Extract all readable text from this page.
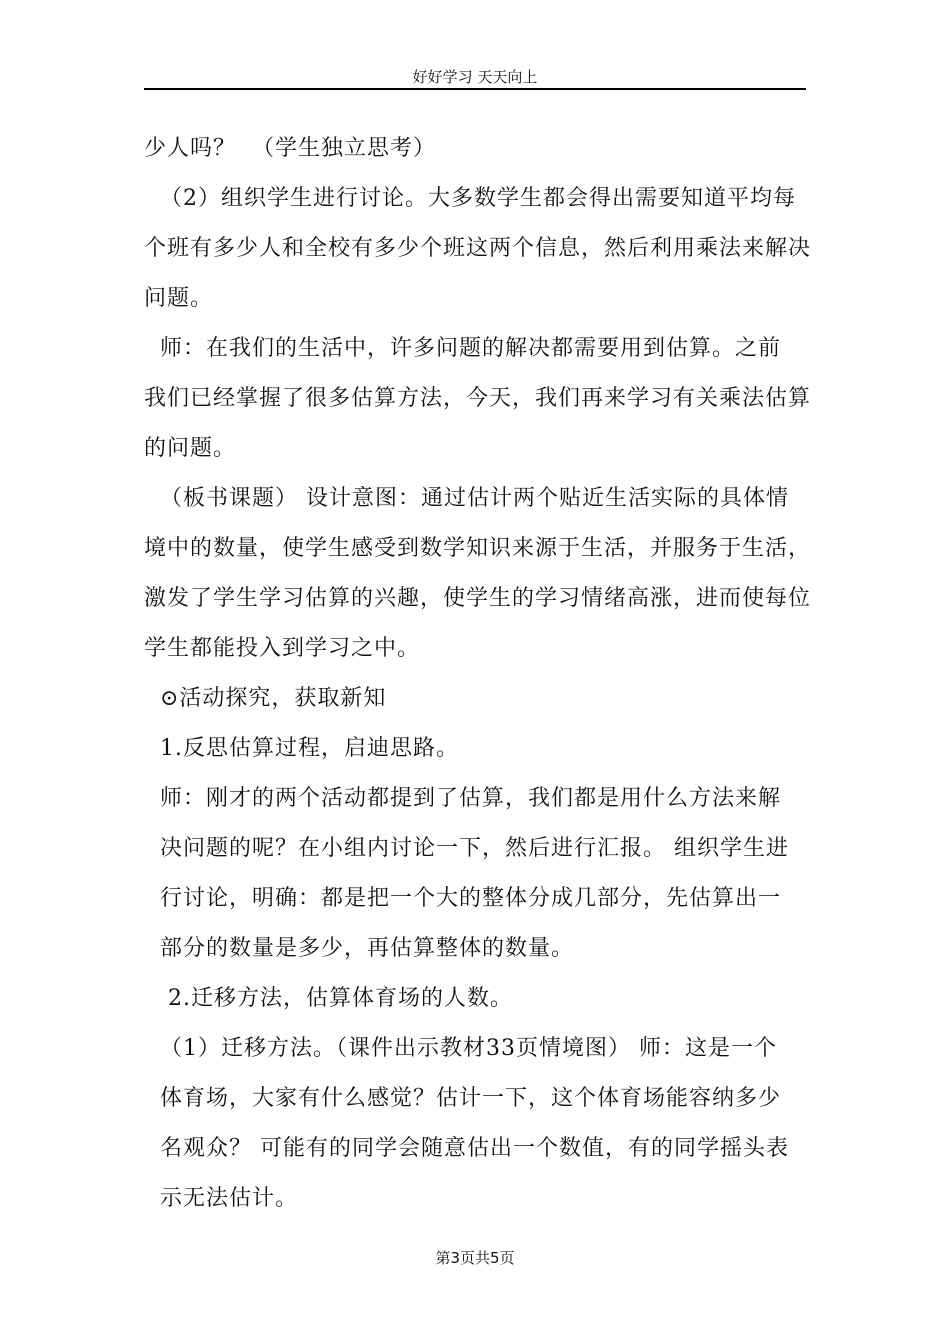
好好学习 天天向上
少人吗？  （学生独立思考）
（2）组织学生进行讨论。大多数学生都会得出需要知道平均每
个班有多少人和全校有多少个班这两个信息，然后利用乘法来解决
问题。
师：在我们的生活中，许多问题的解决都需要用到估算。之前
我们已经掌握了很多估算方法，今天，我们再来学习有关乘法估算
的问题。
（板书课题） 设计意图：通过估计两个贴近生活实际的具体情
境中的数量，使学生感受到数学知识来源于生活，并服务于生活，
激发了学生学习估算的兴趣，使学生的学习情绪高涨，进而使每位
学生都能投入到学习之中。
⊙活动探究，获取新知
1.反思估算过程，启迪思路。
师：刚才的两个活动都提到了估算，我们都是用什么方法来解
决问题的呢？在小组内讨论一下，然后进行汇报。 组织学生进
行讨论，明确：都是把一个大的整体分成几部分，先估算出一
部分的数量是多少，再估算整体的数量。
2.迁移方法，估算体育场的人数。
（1）迁移方法。（课件出示教材33页情境图） 师：这是一个
体育场，大家有什么感觉？估计一下，这个体育场能容纳多少
名观众？ 可能有的同学会随意估出一个数值，有的同学摇头表
示无法估计。
第3页共5页
